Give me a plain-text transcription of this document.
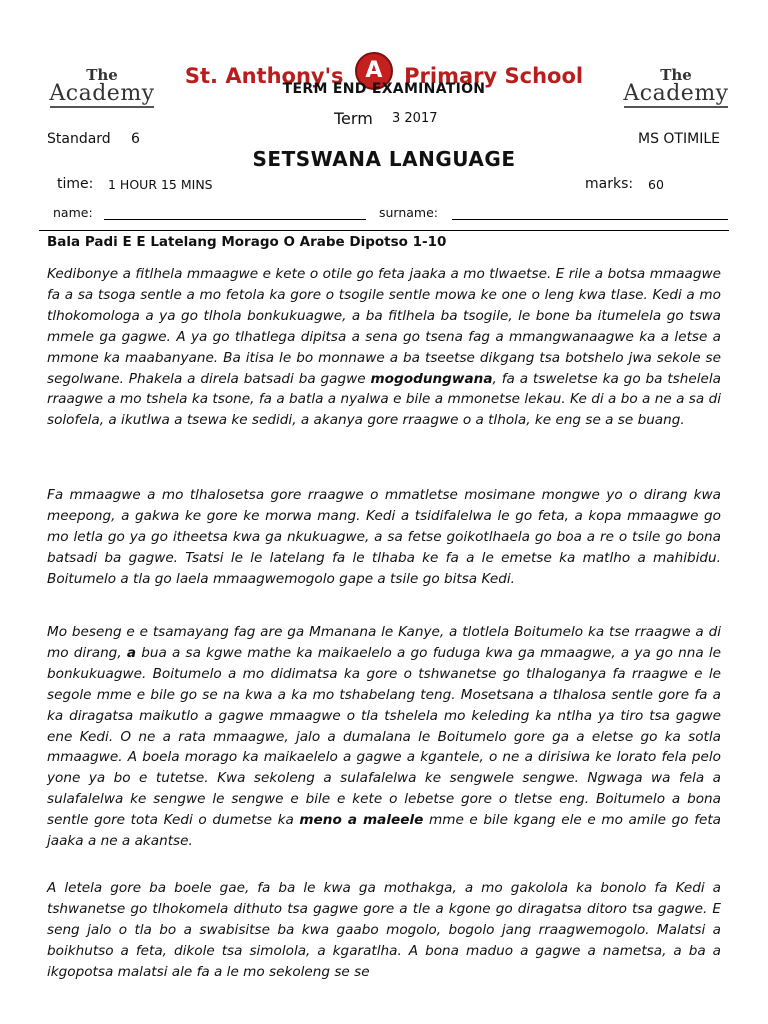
The
Academy
The
Academy
St. Anthony's A Primary School
TERM END EXAMINATION
Term 3 2017
Standard 6	MS OTIMILE
SETSWANA LANGUAGE
time: 1 HOUR 15 MINS	marks: 60
name:	surname:
Bala Padi E E Latelang Morago O Arabe Dipotso 1-10

Kedibonye a fitlhela mmaagwe e kete o otile go feta jaaka a mo tlwaetse. E rile a botsa mmaagwe fa a sa tsoga sentle a mo fetola ka gore o tsogile sentle mowa ke one o leng kwa tlase. Kedi a mo tlhokomologa a ya go tlhola bonkukuagwe, a ba fitlhela ba tsogile, le bone ba itumelela go tswa mmele ga gagwe. A ya go tlhatlega dipitsa a sena go tsena fag a mmangwanaagwe ka a letse a mmone ka maabanyane. Ba itisa le bo monnawe a ba tseetse dikgang tsa botshelo jwa sekole se segolwane. Phakela a direla batsadi ba gagwe mogodungwana, fa a tsweletse ka go ba tshelela rraagwe a mo tshela ka tsone, fa a batla a nyalwa e bile a mmonetse lekau. Ke di a bo a ne a sa di solofela, a ikutlwa a tsewa ke sedidi, a akanya gore rraagwe o a tlhola, ke eng se a se buang.

Fa mmaagwe a mo tlhalosetsa gore rraagwe o mmatletse mosimane mongwe yo o dirang kwa meepong, a gakwa ke gore ke morwa mang. Kedi a tsidifalelwa le go feta, a kopa mmaagwe go mo letla go ya go itheetsa kwa ga nkukuagwe, a sa fetse goikotlhaela go boa a re o tsile go bona batsadi ba gagwe. Tsatsi le le latelang fa le tlhaba ke fa a le emetse ka matlho a mahibidu. Boitumelo a tla go laela mmaagwemogolo gape a tsile go bitsa Kedi.

Mo beseng e e tsamayang fag are ga Mmanana le Kanye, a tlotlela Boitumelo ka tse rraagwe a di mo dirang, a bua a sa kgwe mathe ka maikaelelo a go fuduga kwa ga mmaagwe, a ya go nna le bonkukuagwe. Boitumelo a mo didimatsa ka gore o tshwanetse go tlhaloganya fa rraagwe e le segole mme e bile go se na kwa a ka mo tshabelang teng. Mosetsana a tlhalosa sentle gore fa a ka diragatsa maikutlo a gagwe mmaagwe o tla tshelela mo keleding ka ntlha ya tiro tsa gagwe ene Kedi. O ne a rata mmaagwe, jalo a dumalana le Boitumelo gore ga a eletse go ka sotla mmaagwe. A boela morago ka maikaelelo a gagwe a kgantele, o ne a dirisiwa ke lorato fela pelo yone ya bo e tutetse. Kwa sekoleng a sulafalelwa ke sengwele sengwe. Ngwaga wa fela a sulafalelwa ke sengwe le sengwe e bile e kete o lebetse gore o tletse eng. Boitumelo a bona sentle gore tota Kedi o dumetse ka meno a maleele mme e bile kgang ele e mo amile go feta jaaka a ne a akantse.

A letela gore ba boele gae, fa ba le kwa ga mothakga, a mo gakolola ka bonolo fa Kedi a tshwanetse go tlhokomela dithuto tsa gagwe gore a tle a kgone go diragatsa ditoro tsa gagwe. E seng jalo o tla bo a swabisitse ba kwa gaabo mogolo, bogolo jang rraagwemogolo. Malatsi a boikhutso a feta, dikole tsa simolola, a kgaratlha. A bona maduo a gagwe a nametsa, a ba a ikgopotsa malatsi ale fa a le mo sekoleng se se
